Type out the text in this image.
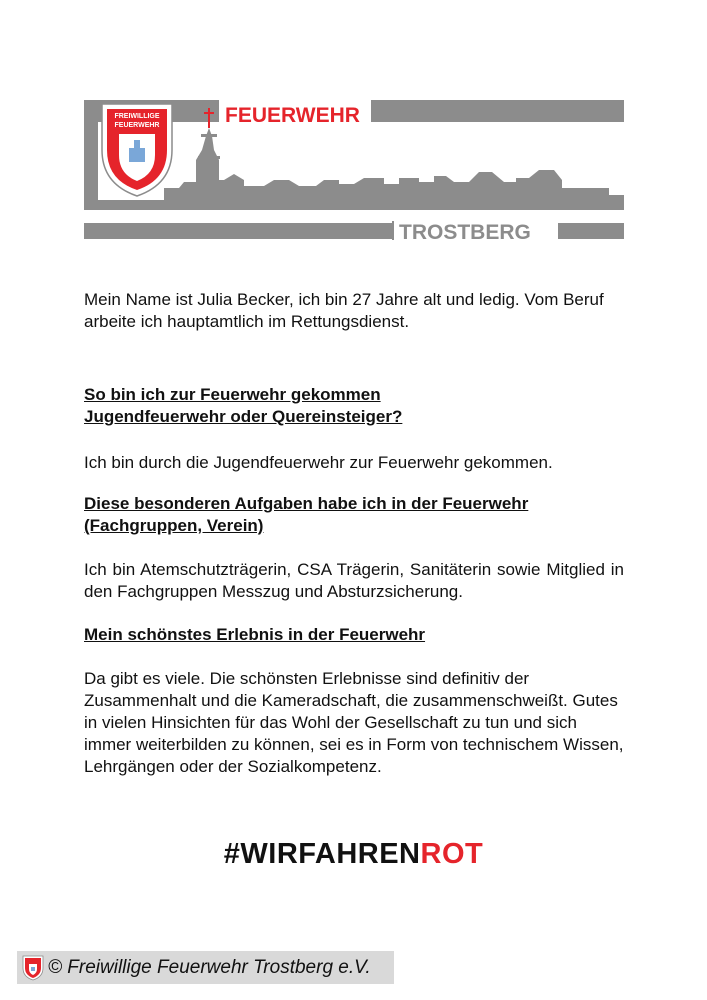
FEUERWEHR
TROSTBERG
FREIWILLIGE
FEUERWEHR

Mein Name ist Julia Becker, ich bin 27 Jahre alt und ledig. Vom Beruf arbeite ich hauptamtlich im Rettungsdienst.

So bin ich zur Feuerwehr gekommen
Jugendfeuerwehr oder Quereinsteiger?

Ich bin durch die Jugendfeuerwehr zur Feuerwehr gekommen.

Diese besonderen Aufgaben habe ich in der Feuerwehr
(Fachgruppen, Verein)

Ich bin Atemschutzträgerin, CSA Trägerin, Sanitäterin sowie Mitglied in den Fachgruppen Messzug und Absturzsicherung.

Mein schönstes Erlebnis in der Feuerwehr

Da gibt es viele. Die schönsten Erlebnisse sind definitiv der Zusammenhalt und die Kameradschaft, die zusammenschweißt. Gutes in vielen Hinsichten für das Wohl der Gesellschaft zu tun und sich immer weiterbilden zu können, sei es in Form von technischem Wissen, Lehrgängen oder der Sozialkompetenz.

#WIRFAHRENROT
© Freiwillige Feuerwehr Trostberg e.V.
